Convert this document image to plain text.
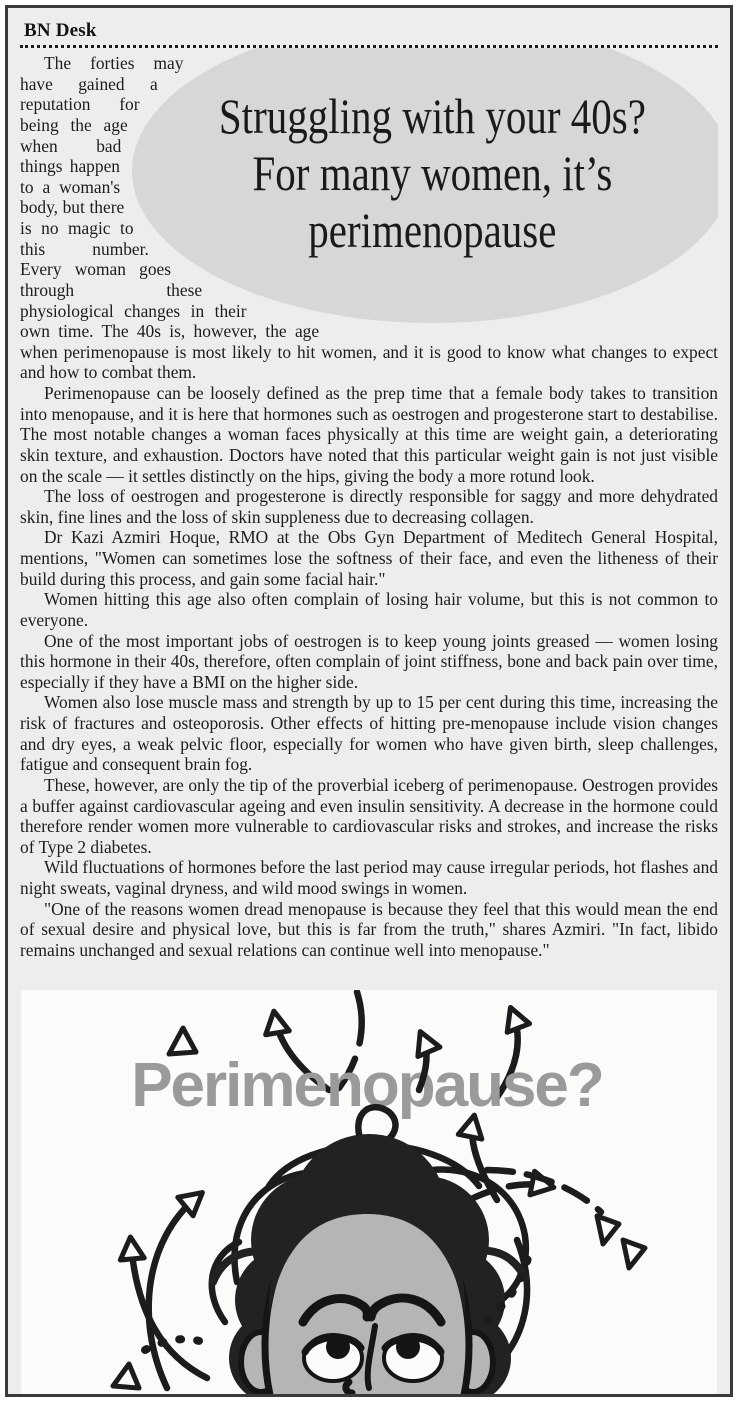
BN Desk
Struggling with your 40s?
For many women, it’s
perimenopause

The forties may have gained a reputation for being the age when bad things happen to a woman's body, but there is no magic to this number. Every woman goes through these physiological changes in their own time. The 40s is, however, the age when perimenopause is most likely to hit women, and it is good to know what changes to expect and how to combat them.

Perimenopause can be loosely defined as the prep time that a female body takes to transition into menopause, and it is here that hormones such as oestrogen and progesterone start to destabilise. The most notable changes a woman faces physically at this time are weight gain, a deteriorating skin texture, and exhaustion. Doctors have noted that this particular weight gain is not just visible on the scale — it settles distinctly on the hips, giving the body a more rotund look.

The loss of oestrogen and progesterone is directly responsible for saggy and more dehydrated skin, fine lines and the loss of skin suppleness due to decreasing collagen.

Dr Kazi Azmiri Hoque, RMO at the Obs Gyn Department of Meditech General Hospital, mentions, "Women can sometimes lose the softness of their face, and even the litheness of their build during this process, and gain some facial hair."

Women hitting this age also often complain of losing hair volume, but this is not common to everyone.

One of the most important jobs of oestrogen is to keep young joints greased — women losing this hormone in their 40s, therefore, often complain of joint stiffness, bone and back pain over time, especially if they have a BMI on the higher side.

Women also lose muscle mass and strength by up to 15 per cent during this time, increasing the risk of fractures and osteoporosis. Other effects of hitting pre-menopause include vision changes and dry eyes, a weak pelvic floor, especially for women who have given birth, sleep challenges, fatigue and consequent brain fog.

These, however, are only the tip of the proverbial iceberg of perimenopause. Oestrogen provides a buffer against cardiovascular ageing and even insulin sensitivity. A decrease in the hormone could therefore render women more vulnerable to cardiovascular risks and strokes, and increase the risks of Type 2 diabetes.

Wild fluctuations of hormones before the last period may cause irregular periods, hot flashes and night sweats, vaginal dryness, and wild mood swings in women.

"One of the reasons women dread menopause is because they feel that this would mean the end of sexual desire and physical love, but this is far from the truth," shares Azmiri. "In fact, libido remains unchanged and sexual relations can continue well into menopause."

Perimenopause?
